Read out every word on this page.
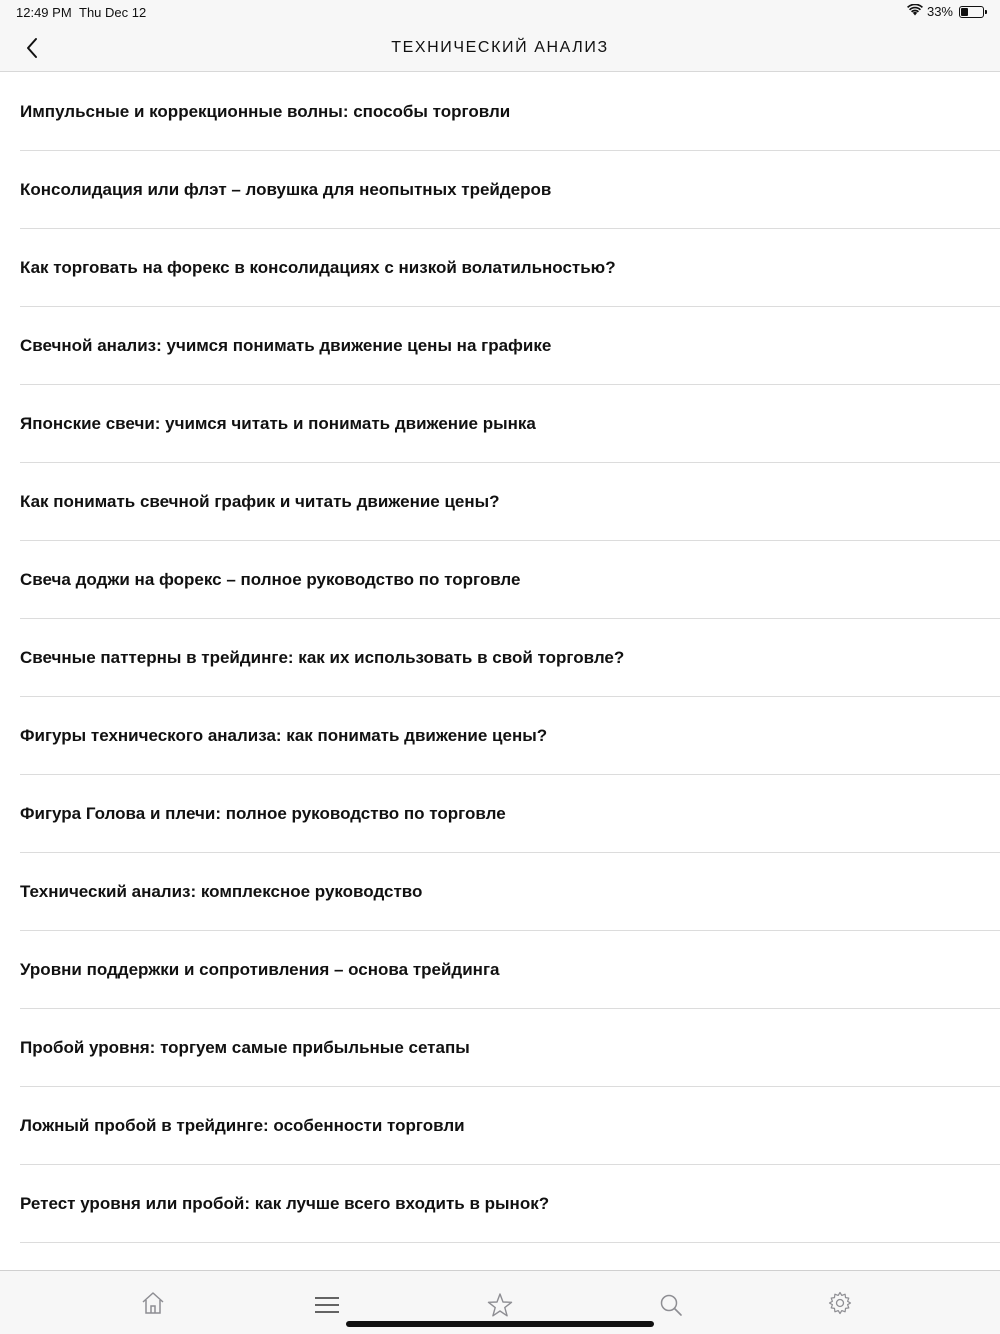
12:49 PM Thu Dec 12	33%
ТЕХНИЧЕСКИЙ АНАЛИЗ
Импульсные и коррекционные волны: способы торговли
Консолидация или флэт – ловушка для неопытных трейдеров
Как торговать на форекс в консолидациях с низкой волатильностью?
Свечной анализ: учимся понимать движение цены на графике
Японские свечи: учимся читать и понимать движение рынка
Как понимать свечной график и читать движение цены?
Свеча доджи на форекс – полное руководство по торговле
Свечные паттерны в трейдинге: как их использовать в свой торговле?
Фигуры технического анализа: как понимать движение цены?
Фигура Голова и плечи: полное руководство по торговле
Технический анализ: комплексное руководство
Уровни поддержки и сопротивления – основа трейдинга
Пробой уровня: торгуем самые прибыльные сетапы
Ложный пробой в трейдинге: особенности торговли
Ретест уровня или пробой: как лучше всего входить в рынок?
